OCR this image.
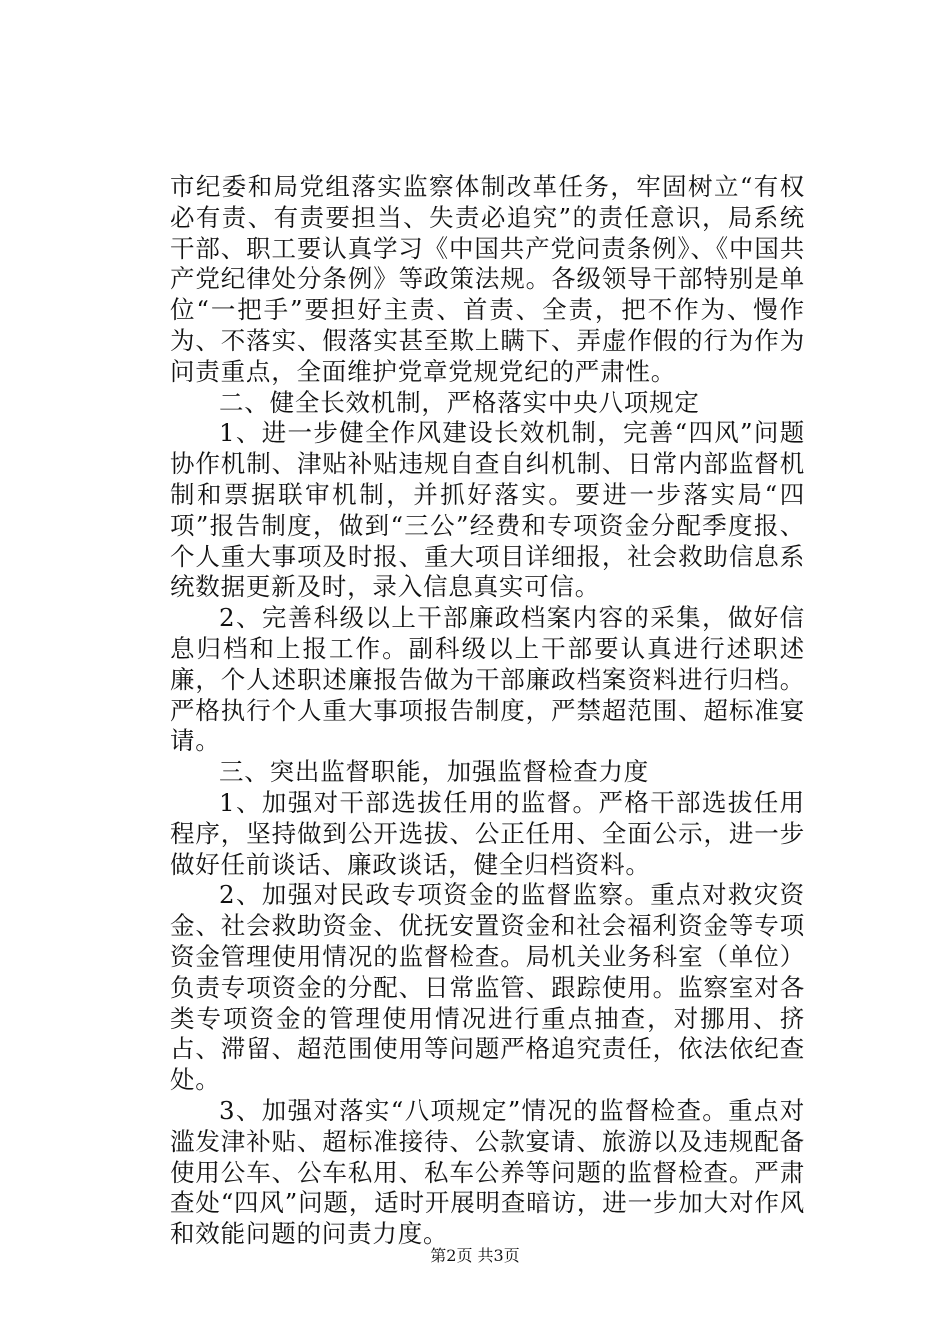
市纪委和局党组落实监察体制改革任务，牢固树立“有权必有责、有责要担当、失责必追究”的责任意识，局系统干部、职工要认真学习《中国共产党问责条例》、《中国共产党纪律处分条例》等政策法规。各级领导干部特别是单位“一把手”要担好主责、首责、全责，把不作为、慢作为、不落实、假落实甚至欺上瞒下、弄虚作假的行为作为问责重点，全面维护党章党规党纪的严肃性。

二、健全长效机制，严格落实中央八项规定

1、进一步健全作风建设长效机制，完善“四风”问题协作机制、津贴补贴违规自查自纠机制、日常内部监督机制和票据联审机制，并抓好落实。要进一步落实局“四项”报告制度，做到“三公”经费和专项资金分配季度报、个人重大事项及时报、重大项目详细报，社会救助信息系统数据更新及时，录入信息真实可信。

2、完善科级以上干部廉政档案内容的采集，做好信息归档和上报工作。副科级以上干部要认真进行述职述廉，个人述职述廉报告做为干部廉政档案资料进行归档。严格执行个人重大事项报告制度，严禁超范围、超标准宴请。

三、突出监督职能，加强监督检查力度

1、加强对干部选拔任用的监督。严格干部选拔任用程序，坚持做到公开选拔、公正任用、全面公示，进一步做好任前谈话、廉政谈话，健全归档资料。

2、加强对民政专项资金的监督监察。重点对救灾资金、社会救助资金、优抚安置资金和社会福利资金等专项资金管理使用情况的监督检查。局机关业务科室（单位）负责专项资金的分配、日常监管、跟踪使用。监察室对各类专项资金的管理使用情况进行重点抽查，对挪用、挤占、滞留、超范围使用等问题严格追究责任，依法依纪查处。

3、加强对落实“八项规定”情况的监督检查。重点对滥发津补贴、超标准接待、公款宴请、旅游以及违规配备使用公车、公车私用、私车公养等问题的监督检查。严肃查处“四风”问题，适时开展明查暗访，进一步加大对作风和效能问题的问责力度。

第2页 共3页
